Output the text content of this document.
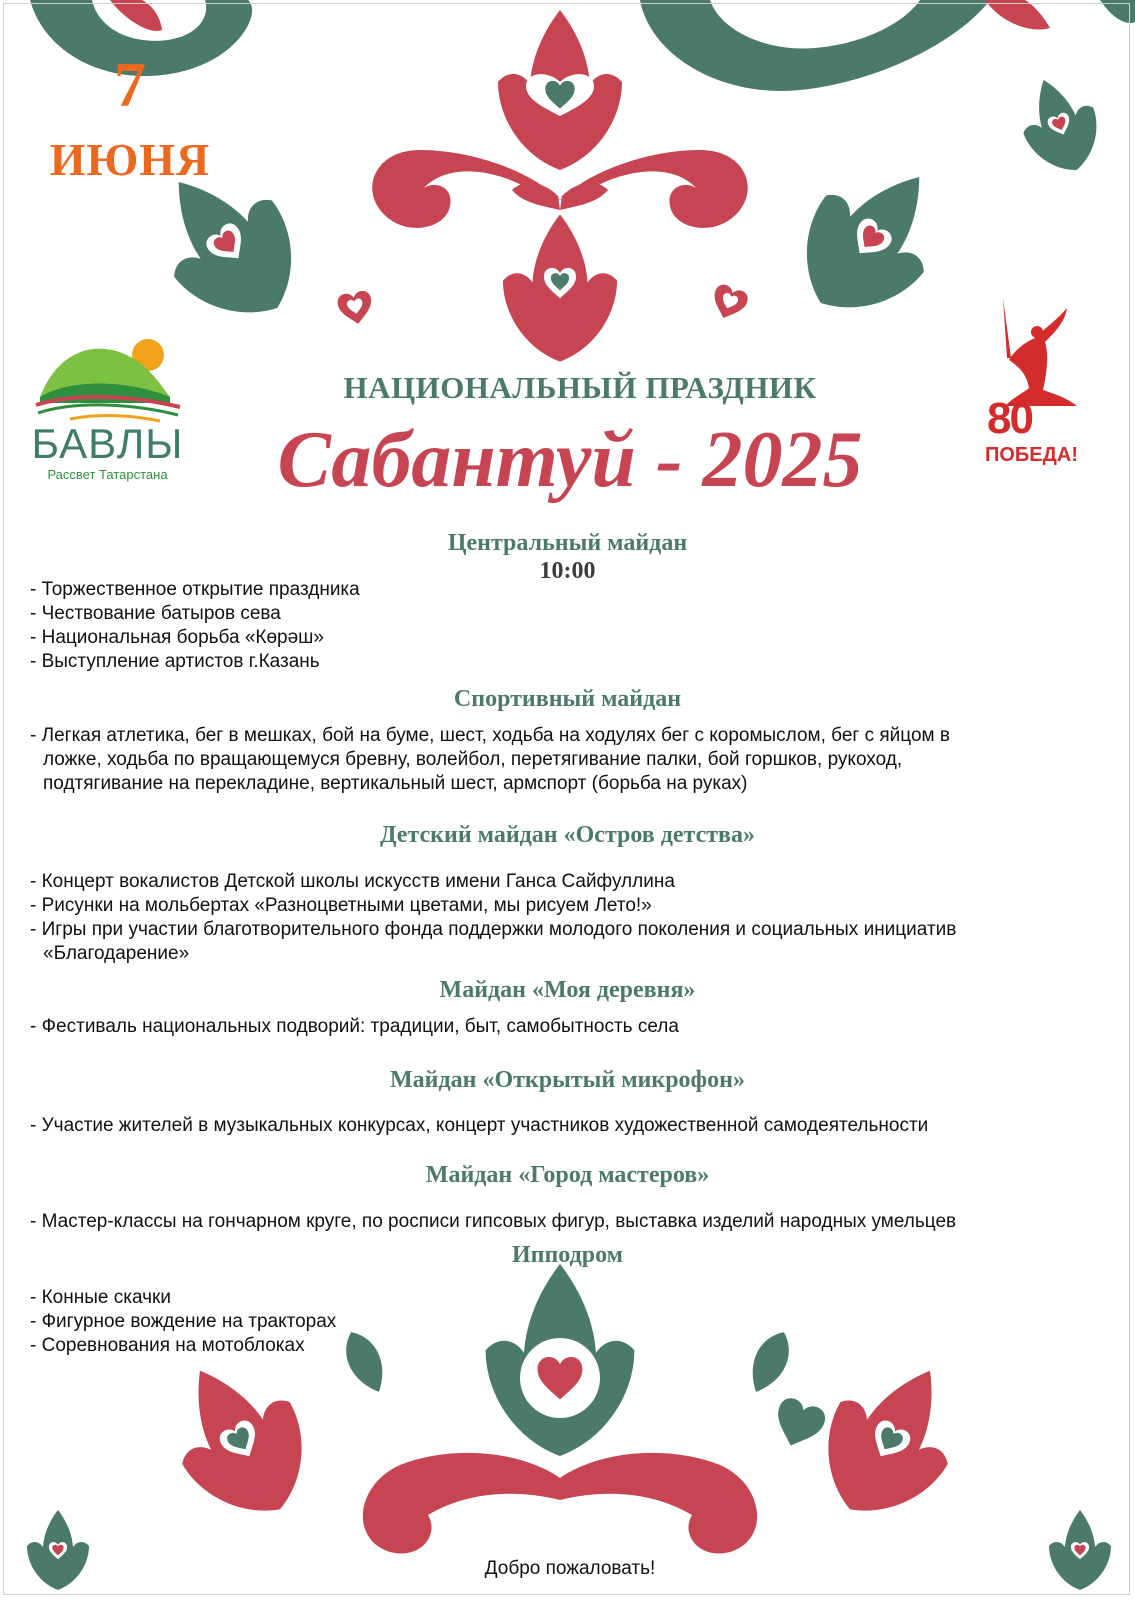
7
ИЮНЯ
БАВЛЫ
Рассвет Татарстана
80
ПОБЕДА!
НАЦИОНАЛЬНЫЙ ПРАЗДНИК
Сабантуй - 2025
Центральный майдан
10:00
- Торжественное открытие праздника
- Чествование батыров сева
- Национальная борьба «Көрәш»
- Выступление артистов г.Казань
Спортивный майдан
- Легкая атлетика, бег в мешках, бой на буме, шест, ходьба на ходулях бег с коромыслом, бег с яйцом в ложке, ходьба по вращающемуся бревну, волейбол, перетягивание палки, бой горшков, рукоход, подтягивание на перекладине, вертикальный шест, армспорт (борьба на руках)
Детский майдан «Остров детства»
- Концерт вокалистов Детской школы искусств имени Ганса Сайфуллина
- Рисунки на мольбертах «Разноцветными цветами, мы рисуем Лето!»
- Игры при участии благотворительного фонда поддержки молодого поколения и социальных инициатив «Благодарение»
Майдан «Моя деревня»
- Фестиваль национальных подворий: традиции, быт, самобытность села
Майдан «Открытый микрофон»
- Участие жителей в музыкальных конкурсах, концерт участников художественной самодеятельности
Майдан «Город мастеров»
- Мастер-классы на гончарном круге, по росписи гипсовых фигур, выставка изделий народных умельцев
Ипподром
- Конные скачки
- Фигурное вождение на тракторах
- Соревнования на мотоблоках
Добро пожаловать!
